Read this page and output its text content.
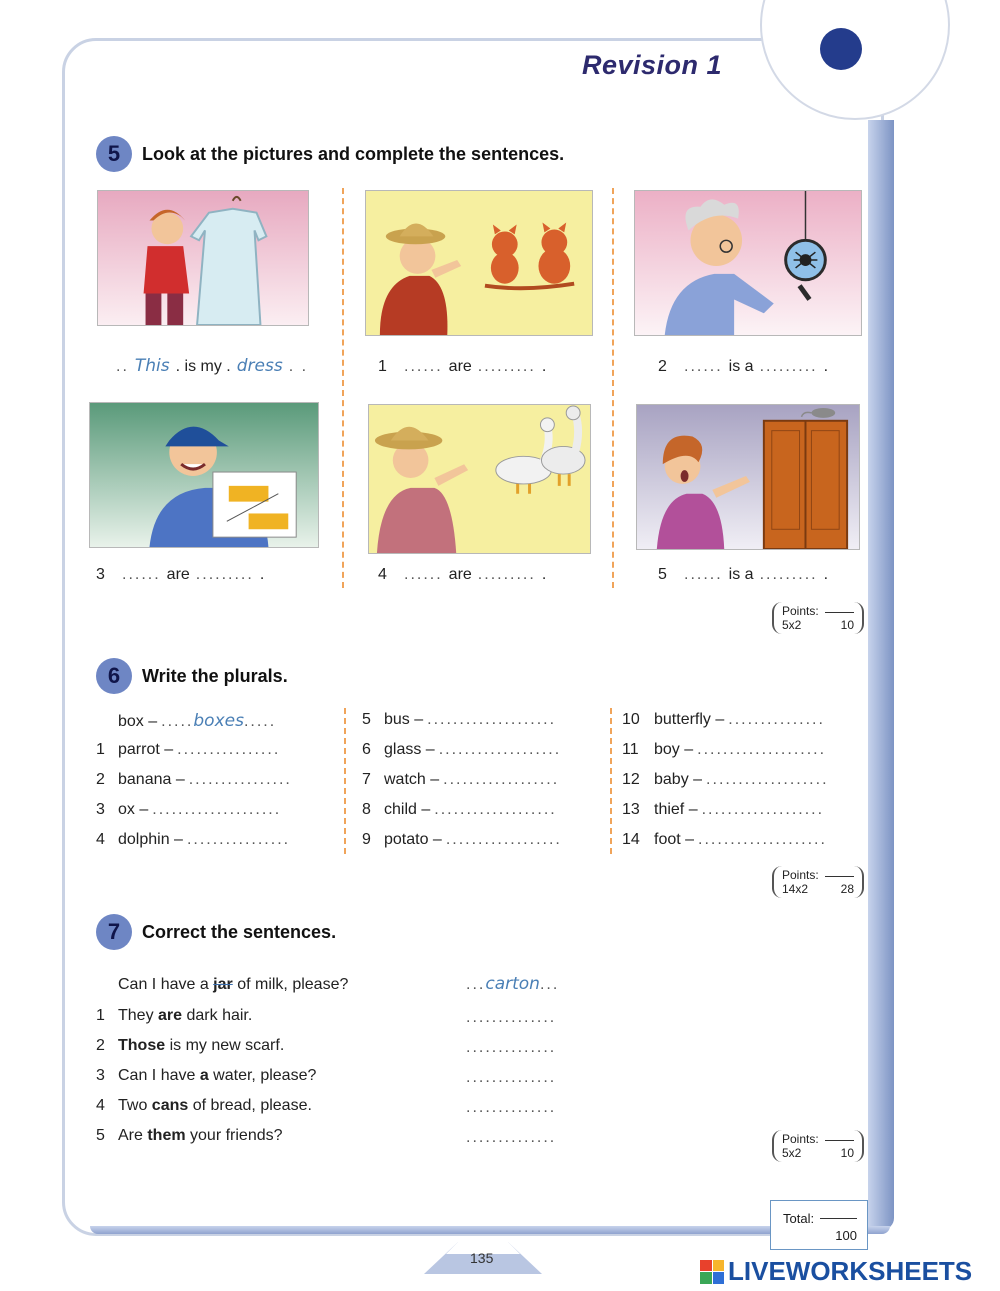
Revision 1
5	Look at the pictures and complete the sentences.
.. This . is my . dress . .	1	...... are ......... .	2	...... is a ......... .
3	...... are ......... .	4	...... are ......... .	5	...... is a ......... .
Points:
5x2	10
6	Write the plurals.
box – ..... boxes .....
1 parrot – ................
2 banana – ................
3 ox – ....................
4 dolphin – ................
5 bus – ....................
6 glass – ...................
7 watch – ..................
8 child – ...................
9 potato – ..................
10 butterfly – ...............
11 boy – ....................
12 baby – ...................
13 thief – ...................
14 foot – ....................
Points:
14x2	28
7	Correct the sentences.
Can I have a jar of milk, please?	...carton...
1 They are dark hair.	..............
2 Those is my new scarf.	..............
3 Can I have a water, please?	..............
4 Two cans of bread, please.	..............
5 Are them your friends?	..............	Points:
5x2	10
Total:
100
135	LIVEWORKSHEETS
